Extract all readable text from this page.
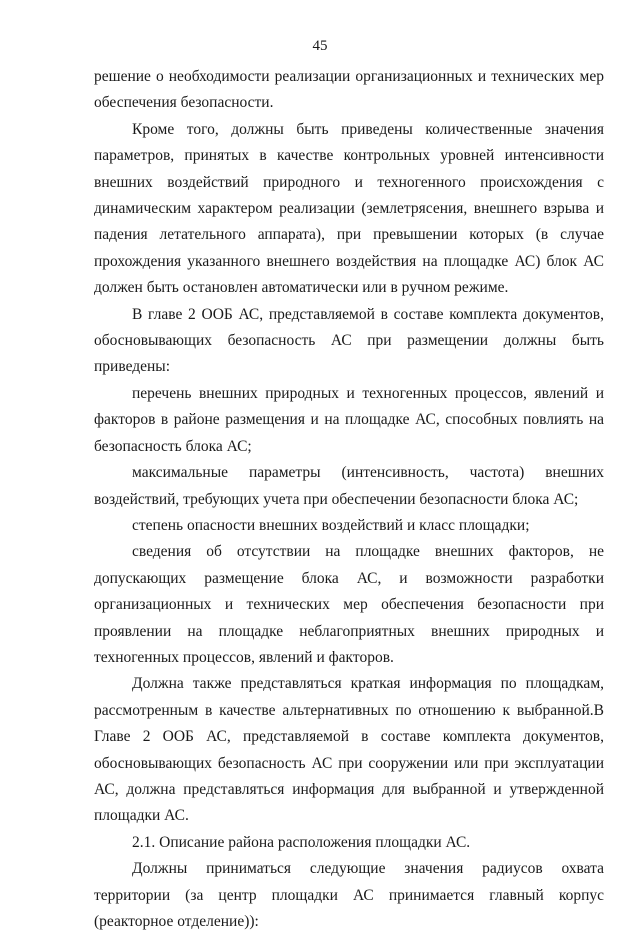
45

решение о необходимости реализации организационных и технических мер обеспечения безопасности.

Кроме того, должны быть приведены количественные значения параметров, принятых в качестве контрольных уровней интенсивности внешних воздействий природного и техногенного происхождения с динамическим характером реализации (землетрясения, внешнего взрыва и падения летательного аппарата), при превышении которых (в случае прохождения указанного внешнего воздействия на площадке АС) блок АС должен быть остановлен автоматически или в ручном режиме.

В главе 2 ООБ АС, представляемой в составе комплекта документов, обосновывающих безопасность АС при размещении должны быть приведены:

перечень внешних природных и техногенных процессов, явлений и факторов в районе размещения и на площадке АС, способных повлиять на безопасность блока АС;

максимальные параметры (интенсивность, частота) внешних воздействий, требующих учета при обеспечении безопасности блока АС;

степень опасности внешних воздействий и класс площадки;

сведения об отсутствии на площадке внешних факторов, не допускающих размещение блока АС, и возможности разработки организационных и технических мер обеспечения безопасности при проявлении на площадке неблагоприятных внешних природных и техногенных процессов, явлений и факторов.

Должна также представляться краткая информация по площадкам, рассмотренным в качестве альтернативных по отношению к выбранной.В Главе 2 ООБ АС, представляемой в составе комплекта документов, обосновывающих безопасность АС при сооружении или при эксплуатации АС, должна представляться информация для выбранной и утвержденной площадки АС.

2.1. Описание района расположения площадки АС.

Должны приниматься следующие значения радиусов охвата территории (за центр площадки АС принимается главный корпус (реакторное отделение)):
